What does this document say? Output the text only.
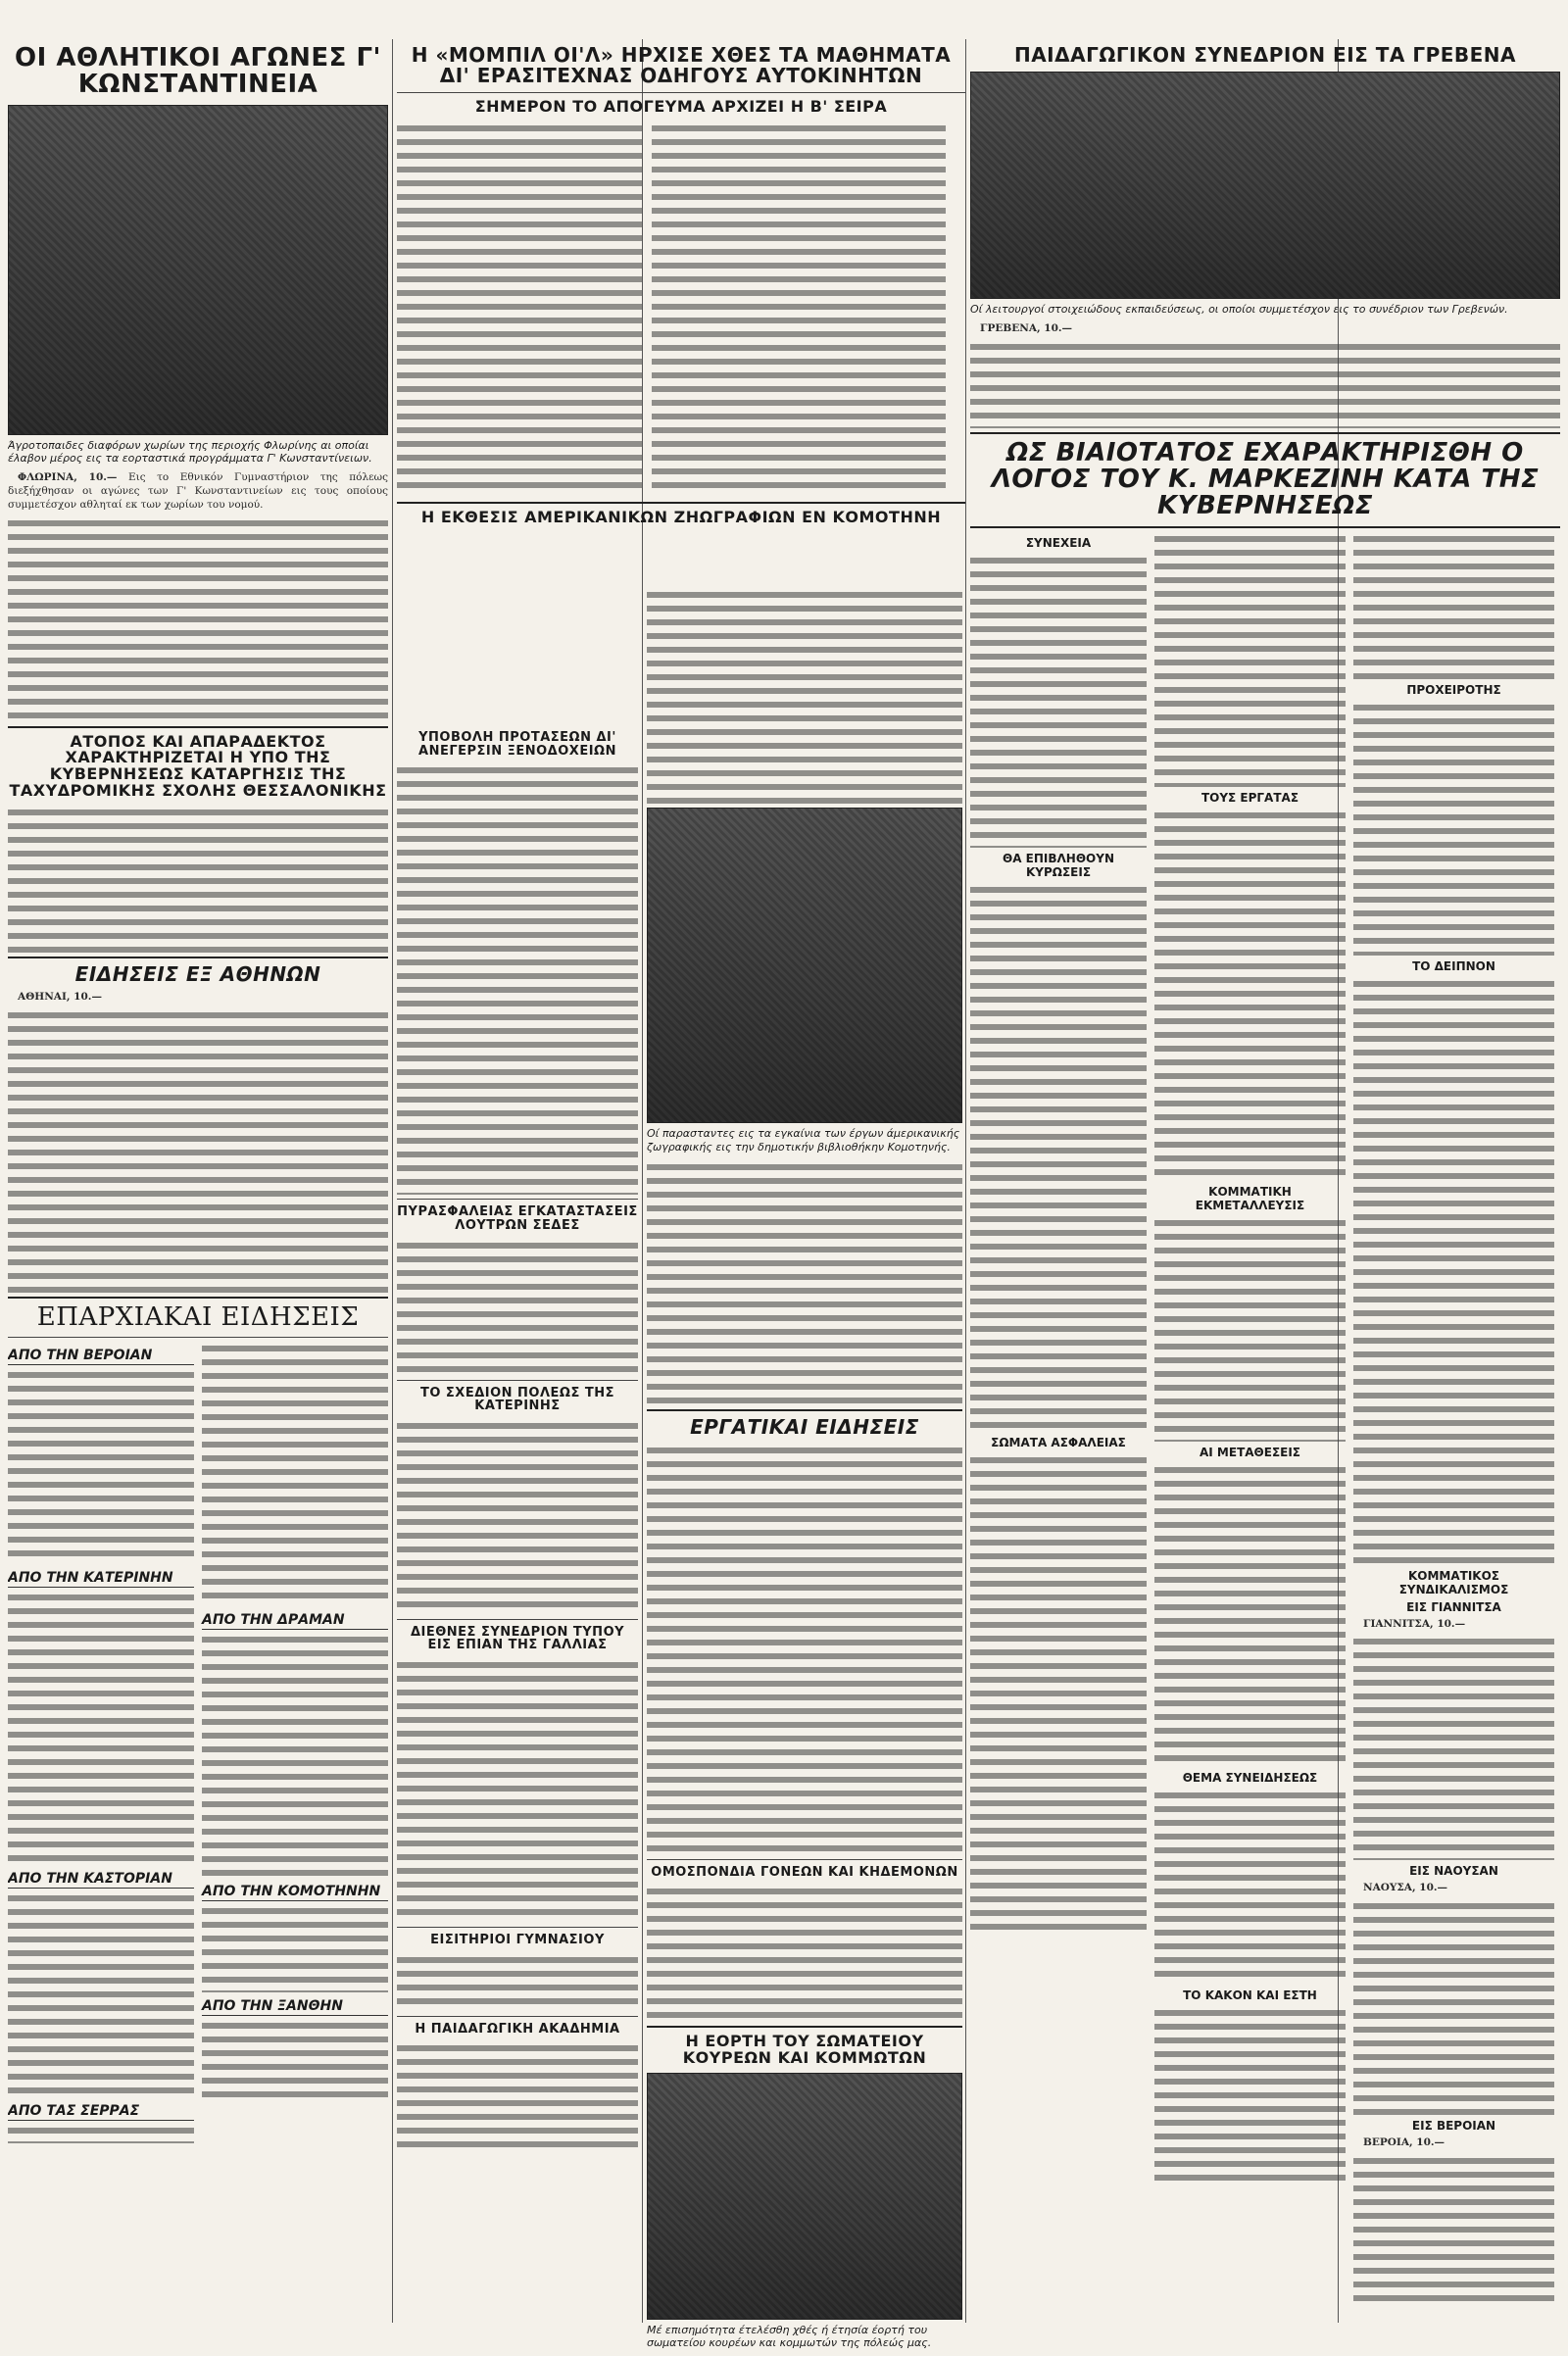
ΟΙ ΑΘΛΗΤΙΚΟΙ ΑΓΩΝΕΣ Γ' ΚΩΝΣΤΑΝΤΙΝΕΙΑ
Άγροτοπαιδες διαφόρων χωρίων της περιοχής Φλωρίνης αι οποίαι έλαβον μέρος εις τα εορταστικά προγράμματα Γ' Κωνσταντίνειων.

ΦΛΩΡΙΝΑ, 10.— Εις το Εθνικόν Γυμναστήριον της πόλεως διεξήχθησαν οι αγώνες των Γ' Κωνσταντινείων εις τους οποίους συμμετέσχον αθληταί εκ των χωρίων του νομού.

ΑΤΟΠΟΣ ΚΑΙ ΑΠΑΡΑΔΕΚΤΟΣ ΧΑΡΑΚΤΗΡΙΖΕΤΑΙ Η ΥΠΟ ΤΗΣ ΚΥΒΕΡΝΗΣΕΩΣ ΚΑΤΑΡΓΗΣΙΣ ΤΗΣ ΤΑΧΥΔΡΟΜΙΚΗΣ ΣΧΟΛΗΣ ΘΕΣΣΑΛΟΝΙΚΗΣ
ΕΙΔΗΣΕΙΣ ΕΞ ΑΘΗΝΩΝ

ΑΘΗΝΑΙ, 10.—

ΕΠΑΡΧΙΑΚΑΙ ΕΙΔΗΣΕΙΣ
ΑΠΟ ΤΗΝ ΒΕΡΟΙΑΝ
ΑΠΟ ΤΗΝ ΚΑΤΕΡΙΝΗΝ
ΑΠΟ ΤΗΝ ΚΑΣΤΟΡΙΑΝ
ΑΠΟ ΤΑΣ ΣΕΡΡΑΣ
ΑΠΟ ΤΗΝ ΔΡΑΜΑΝ
ΑΠΟ ΤΗΝ ΚΟΜΟΤΗΝΗΝ
ΑΠΟ ΤΗΝ ΞΑΝΘΗΝ
ΥΠΟΒΟΛΗ ΠΡΟΤΑΣΕΩΝ ΔΙ' ΑΝΕΓΕΡΣΙΝ ΞΕΝΟΔΟΧΕΙΩΝ
ΠΥΡΑΣΦΑΛΕΙΑΣ ΕΓΚΑΤΑΣΤΑΣΕΙΣ ΛΟΥΤΡΩΝ ΣΕΔΕΣ
ΤΟ ΣΧΕΔΙΟΝ ΠΟΛΕΩΣ ΤΗΣ ΚΑΤΕΡΙΝΗΣ
ΔΙΕΘΝΕΣ ΣΥΝΕΔΡΙΟΝ ΤΥΠΟΥ ΕΙΣ ΕΠΙΑΝ ΤΗΣ ΓΑΛΛΙΑΣ
ΕΙΣΙΤΗΡΙΟΙ ΓΥΜΝΑΣΙΟΥ
Η ΠΑΙΔΑΓΩΓΙΚΗ ΑΚΑΔΗΜΙΑ
Η «ΜΟΜΠΙΛ ΟΙ'Λ» ΗΡΧΙΣΕ ΧΘΕΣ ΤΑ ΜΑΘΗΜΑΤΑ ΔΙ' ΕΡΑΣΙΤΕΧΝΑΣ ΟΔΗΓΟΥΣ ΑΥΤΟΚΙΝΗΤΩΝ
ΣΗΜΕΡΟΝ ΤΟ ΑΠΟΓΕΥΜΑ ΑΡΧΙΖΕΙ Η Β' ΣΕΙΡΑ
Η ΕΚΘΕΣΙΣ ΑΜΕΡΙΚΑΝΙΚΩΝ ΖΗΩΓΡΑΦΙΩΝ ΕΝ ΚΟΜΟΤΗΝΗ
Οί παρασταντες εις τα εγκαίνια των έργων άμερικανικής ζωγραφικής εις την δημοτικήν βιβλιοθήκην Κομοτηνής.
ΕΡΓΑΤΙΚΑΙ ΕΙΔΗΣΕΙΣ
ΟΜΟΣΠΟΝΔΙΑ ΓΟΝΕΩΝ ΚΑΙ ΚΗΔΕΜΟΝΩΝ
Η ΕΟΡΤΗ ΤΟΥ ΣΩΜΑΤΕΙΟΥ ΚΟΥΡΕΩΝ ΚΑΙ ΚΟΜΜΩΤΩΝ
Μέ επισημότητα έτελέσθη χθές ή έτησία έορτή του σωματείου κουρέων και κομμωτών της πόλεώς μας.
ΠΑΙΔΑΓΩΓΙΚΟΝ ΣΥΝΕΔΡΙΟΝ ΕΙΣ ΤΑ ΓΡΕΒΕΝΑ
Οί λειτουργοί στοιχειώδους εκπαιδεύσεως, οι οποίοι συμμετέσχον εις το συνέδριον των Γρεβενών.

ΓΡΕΒΕΝΑ, 10.—

ΩΣ ΒΙΑΙΟΤΑΤΟΣ ΕΧΑΡΑΚΤΗΡΙΣΘΗ Ο ΛΟΓΟΣ ΤΟΥ Κ. ΜΑΡΚΕΖΙΝΗ ΚΑΤΑ ΤΗΣ ΚΥΒΕΡΝΗΣΕΩΣ
ΣΥΝΕΧΕΙΑ
ΘΑ ΕΠΙΒΛΗΘΟΥΝ ΚΥΡΩΣΕΙΣ
ΣΩΜΑΤΑ ΑΣΦΑΛΕΙΑΣ
ΤΟΥΣ ΕΡΓΑΤΑΣ
ΚΟΜΜΑΤΙΚΗ ΕΚΜΕΤΑΛΛΕΥΣΙΣ
ΑΙ ΜΕΤΑΘΕΣΕΙΣ
ΘΕΜΑ ΣΥΝΕΙΔΗΣΕΩΣ
ΤΟ ΚΑΚΟΝ ΚΑΙ ΕΣΤΗ
ΠΡΟΧΕΙΡΟΤΗΣ
ΤΟ ΔΕΙΠΝΟΝ
ΚΟΜΜΑΤΙΚΟΣ ΣΥΝΔΙΚΑΛΙΣΜΟΣ
ΕΙΣ ΓΙΑΝΝΙΤΣΑ

ΓΙΑΝΝΙΤΣΑ, 10.—

ΕΙΣ ΝΑΟΥΣΑΝ

ΝΑΟΥΣΑ, 10.—

ΕΙΣ ΒΕΡΟΙΑΝ

ΒΕΡΟΙΑ, 10.—
